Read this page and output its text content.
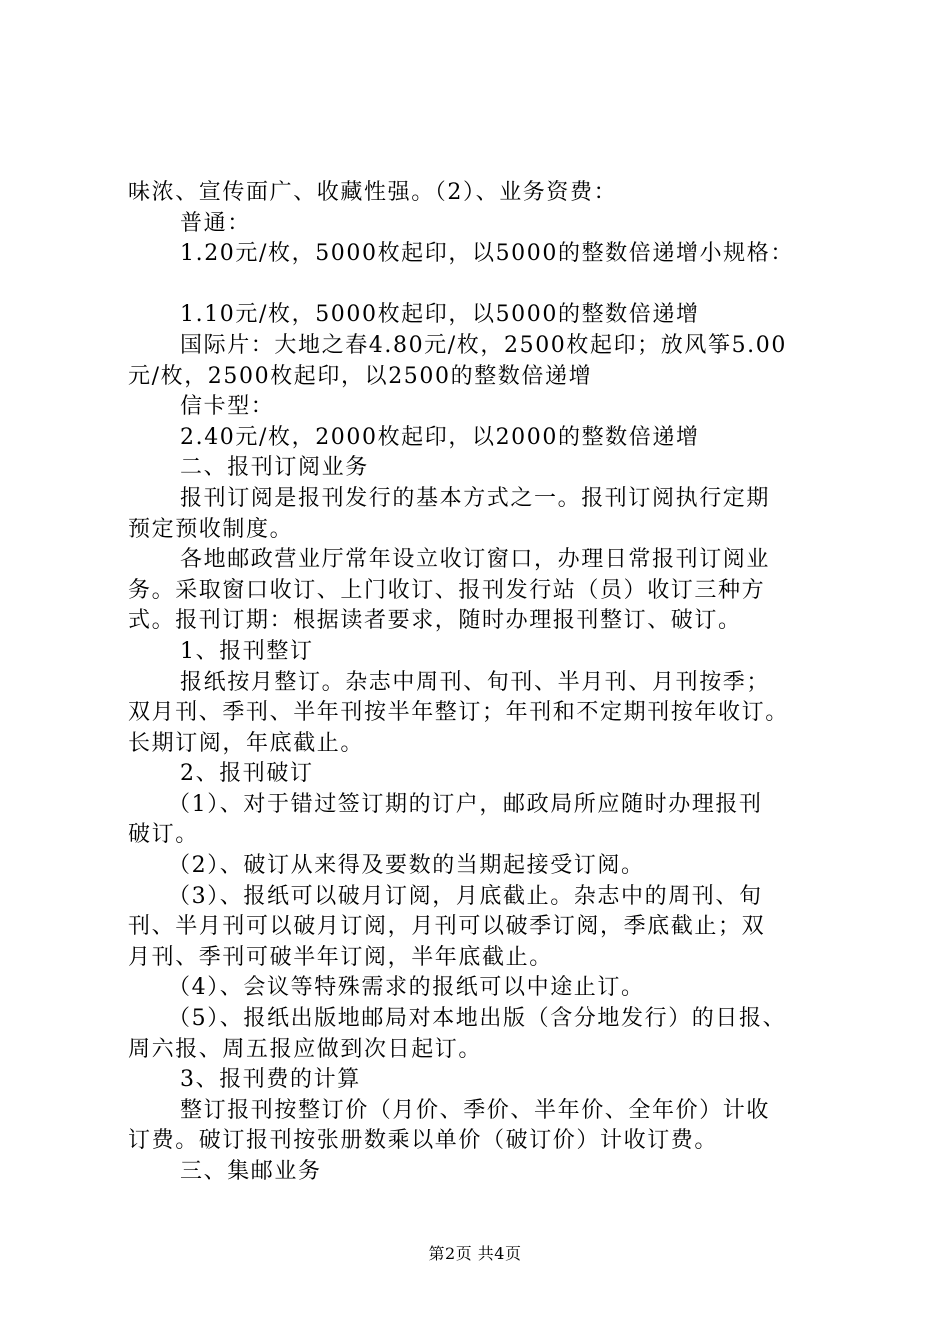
味浓、宣传面广、收藏性强。（2）、业务资费：
普通：
1.20元/枚，5000枚起印，以5000的整数倍递增小规格：
1.10元/枚，5000枚起印，以5000的整数倍递增
国际片：大地之春4.80元/枚，2500枚起印；放风筝5.00
元/枚，2500枚起印，以2500的整数倍递增
信卡型：
2.40元/枚，2000枚起印，以2000的整数倍递增
二、报刊订阅业务
报刊订阅是报刊发行的基本方式之一。报刊订阅执行定期
预定预收制度。
各地邮政营业厅常年设立收订窗口，办理日常报刊订阅业
务。采取窗口收订、上门收订、报刊发行站（员）收订三种方
式。报刊订期：根据读者要求，随时办理报刊整订、破订。
1、报刊整订
报纸按月整订。杂志中周刊、旬刊、半月刊、月刊按季；
双月刊、季刊、半年刊按半年整订；年刊和不定期刊按年收订。
长期订阅，年底截止。
2、报刊破订
（1）、对于错过签订期的订户，邮政局所应随时办理报刊
破订。
（2）、破订从来得及要数的当期起接受订阅。
（3）、报纸可以破月订阅，月底截止。杂志中的周刊、旬
刊、半月刊可以破月订阅，月刊可以破季订阅，季底截止；双
月刊、季刊可破半年订阅，半年底截止。
（4）、会议等特殊需求的报纸可以中途止订。
（5）、报纸出版地邮局对本地出版（含分地发行）的日报、
周六报、周五报应做到次日起订。
3、报刊费的计算
整订报刊按整订价（月价、季价、半年价、全年价）计收
订费。破订报刊按张册数乘以单价（破订价）计收订费。
三、集邮业务
第2页 共4页
